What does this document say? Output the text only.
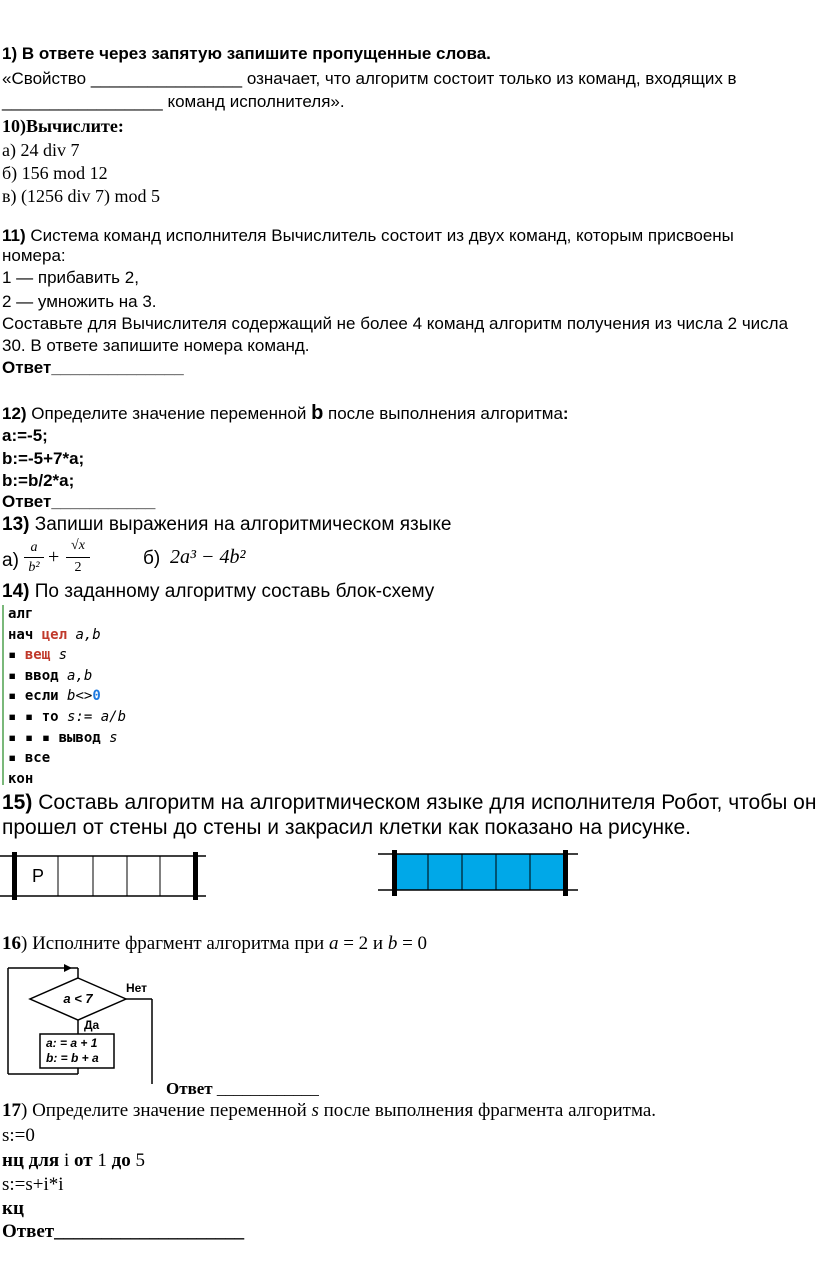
1) В ответе через запятую запишите пропущенные слова.
«Свойство ________________ означает, что алгоритм состоит только из команд, входящих в
_________________ команд исполнителя».
10)Вычислите:
а) 24 div 7
б) 156 mod 12
в) (1256 div 7) mod 5
11) Система команд исполнителя Вычислитель состоит из двух команд, которым присвоены
номера:
1 — прибавить 2,
2 — умножить на 3.
Составьте для Вычислителя содержащий не более 4 команд алгоритм получения из числа 2 числа
30. В ответе запишите номера команд.
Ответ______________
12) Определите значение переменной b после выполнения алгоритма:
a:=-5;
b:=-5+7*a;
b:=b/2*a;
Ответ___________
13) Запиши выражения на алгоритмическом языке
а)
a
b² +
√x
2	б) 2a³ − 4b²
14) По заданному алгоритму составь блок-схему
алг
нач цел a,b
▪ вещ s
▪ ввод a,b
▪ если b<>0
▪ ▪ то s:= a/b
▪ ▪ ▪ вывод s
▪ все
кон
15) Составь алгоритм на алгоритмическом языке для исполнителя Робот, чтобы он
прошел от стены до стены и закрасил клетки как показано на рисунке.
Р
16) Исполните фрагмент алгоритма при a = 2 и b = 0
a < 7
Нет
Да
a: = a + 1
b: = b + a
Ответ ____________
17) Определите значение переменной s после выполнения фрагмента алгоритма.
s:=0
нц для i от 1 до 5
s:=s+i*i
кц
Ответ____________________
